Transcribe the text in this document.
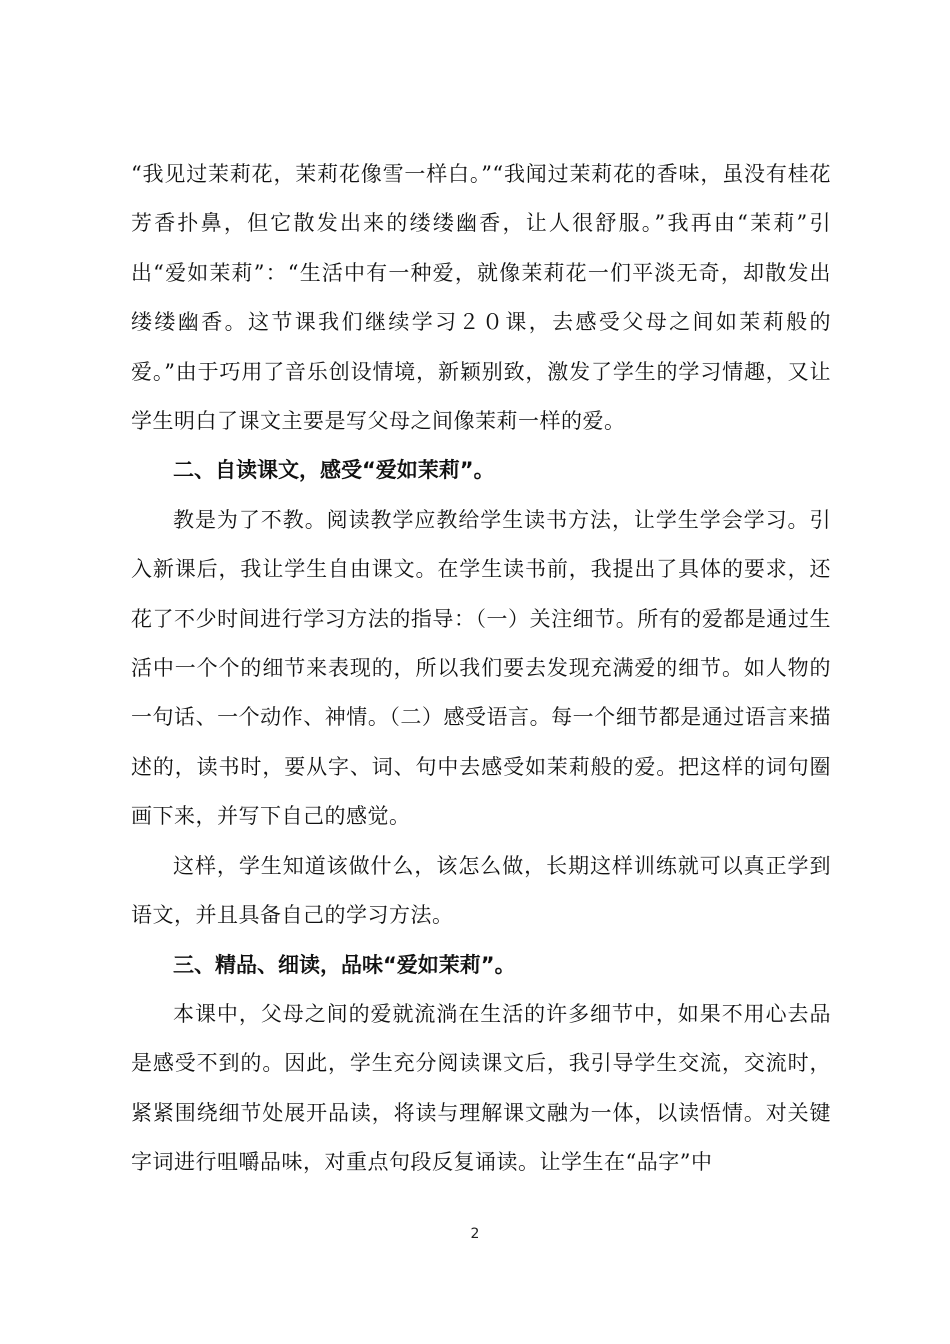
“我见过茉莉花，茉莉花像雪一样白。”“我闻过茉莉花的香味，虽没有桂花芳香扑鼻，但它散发出来的缕缕幽香，让人很舒服。”我再由“茉莉”引出“爱如茉莉”：“生活中有一种爱，就像茉莉花一们平淡无奇，却散发出缕缕幽香。这节课我们继续学习２０课，去感受父母之间如茉莉般的爱。”由于巧用了音乐创设情境，新颖别致，激发了学生的学习情趣，又让学生明白了课文主要是写父母之间像茉莉一样的爱。

二、自读课文，感受“爱如茉莉”。

教是为了不教。阅读教学应教给学生读书方法，让学生学会学习。引入新课后，我让学生自由课文。在学生读书前，我提出了具体的要求，还花了不少时间进行学习方法的指导：（一）关注细节。所有的爱都是通过生活中一个个的细节来表现的，所以我们要去发现充满爱的细节。如人物的一句话、一个动作、神情。（二）感受语言。每一个细节都是通过语言来描述的，读书时，要从字、词、句中去感受如茉莉般的爱。把这样的词句圈画下来，并写下自己的感觉。

这样，学生知道该做什么，该怎么做，长期这样训练就可以真正学到语文，并且具备自己的学习方法。

三、精品、细读，品味“爱如茉莉”。

本课中，父母之间的爱就流淌在生活的许多细节中，如果不用心去品是感受不到的。因此，学生充分阅读课文后，我引导学生交流，交流时，紧紧围绕细节处展开品读，将读与理解课文融为一体，以读悟情。对关键字词进行咀嚼品味，对重点句段反复诵读。让学生在“品字”中

2
